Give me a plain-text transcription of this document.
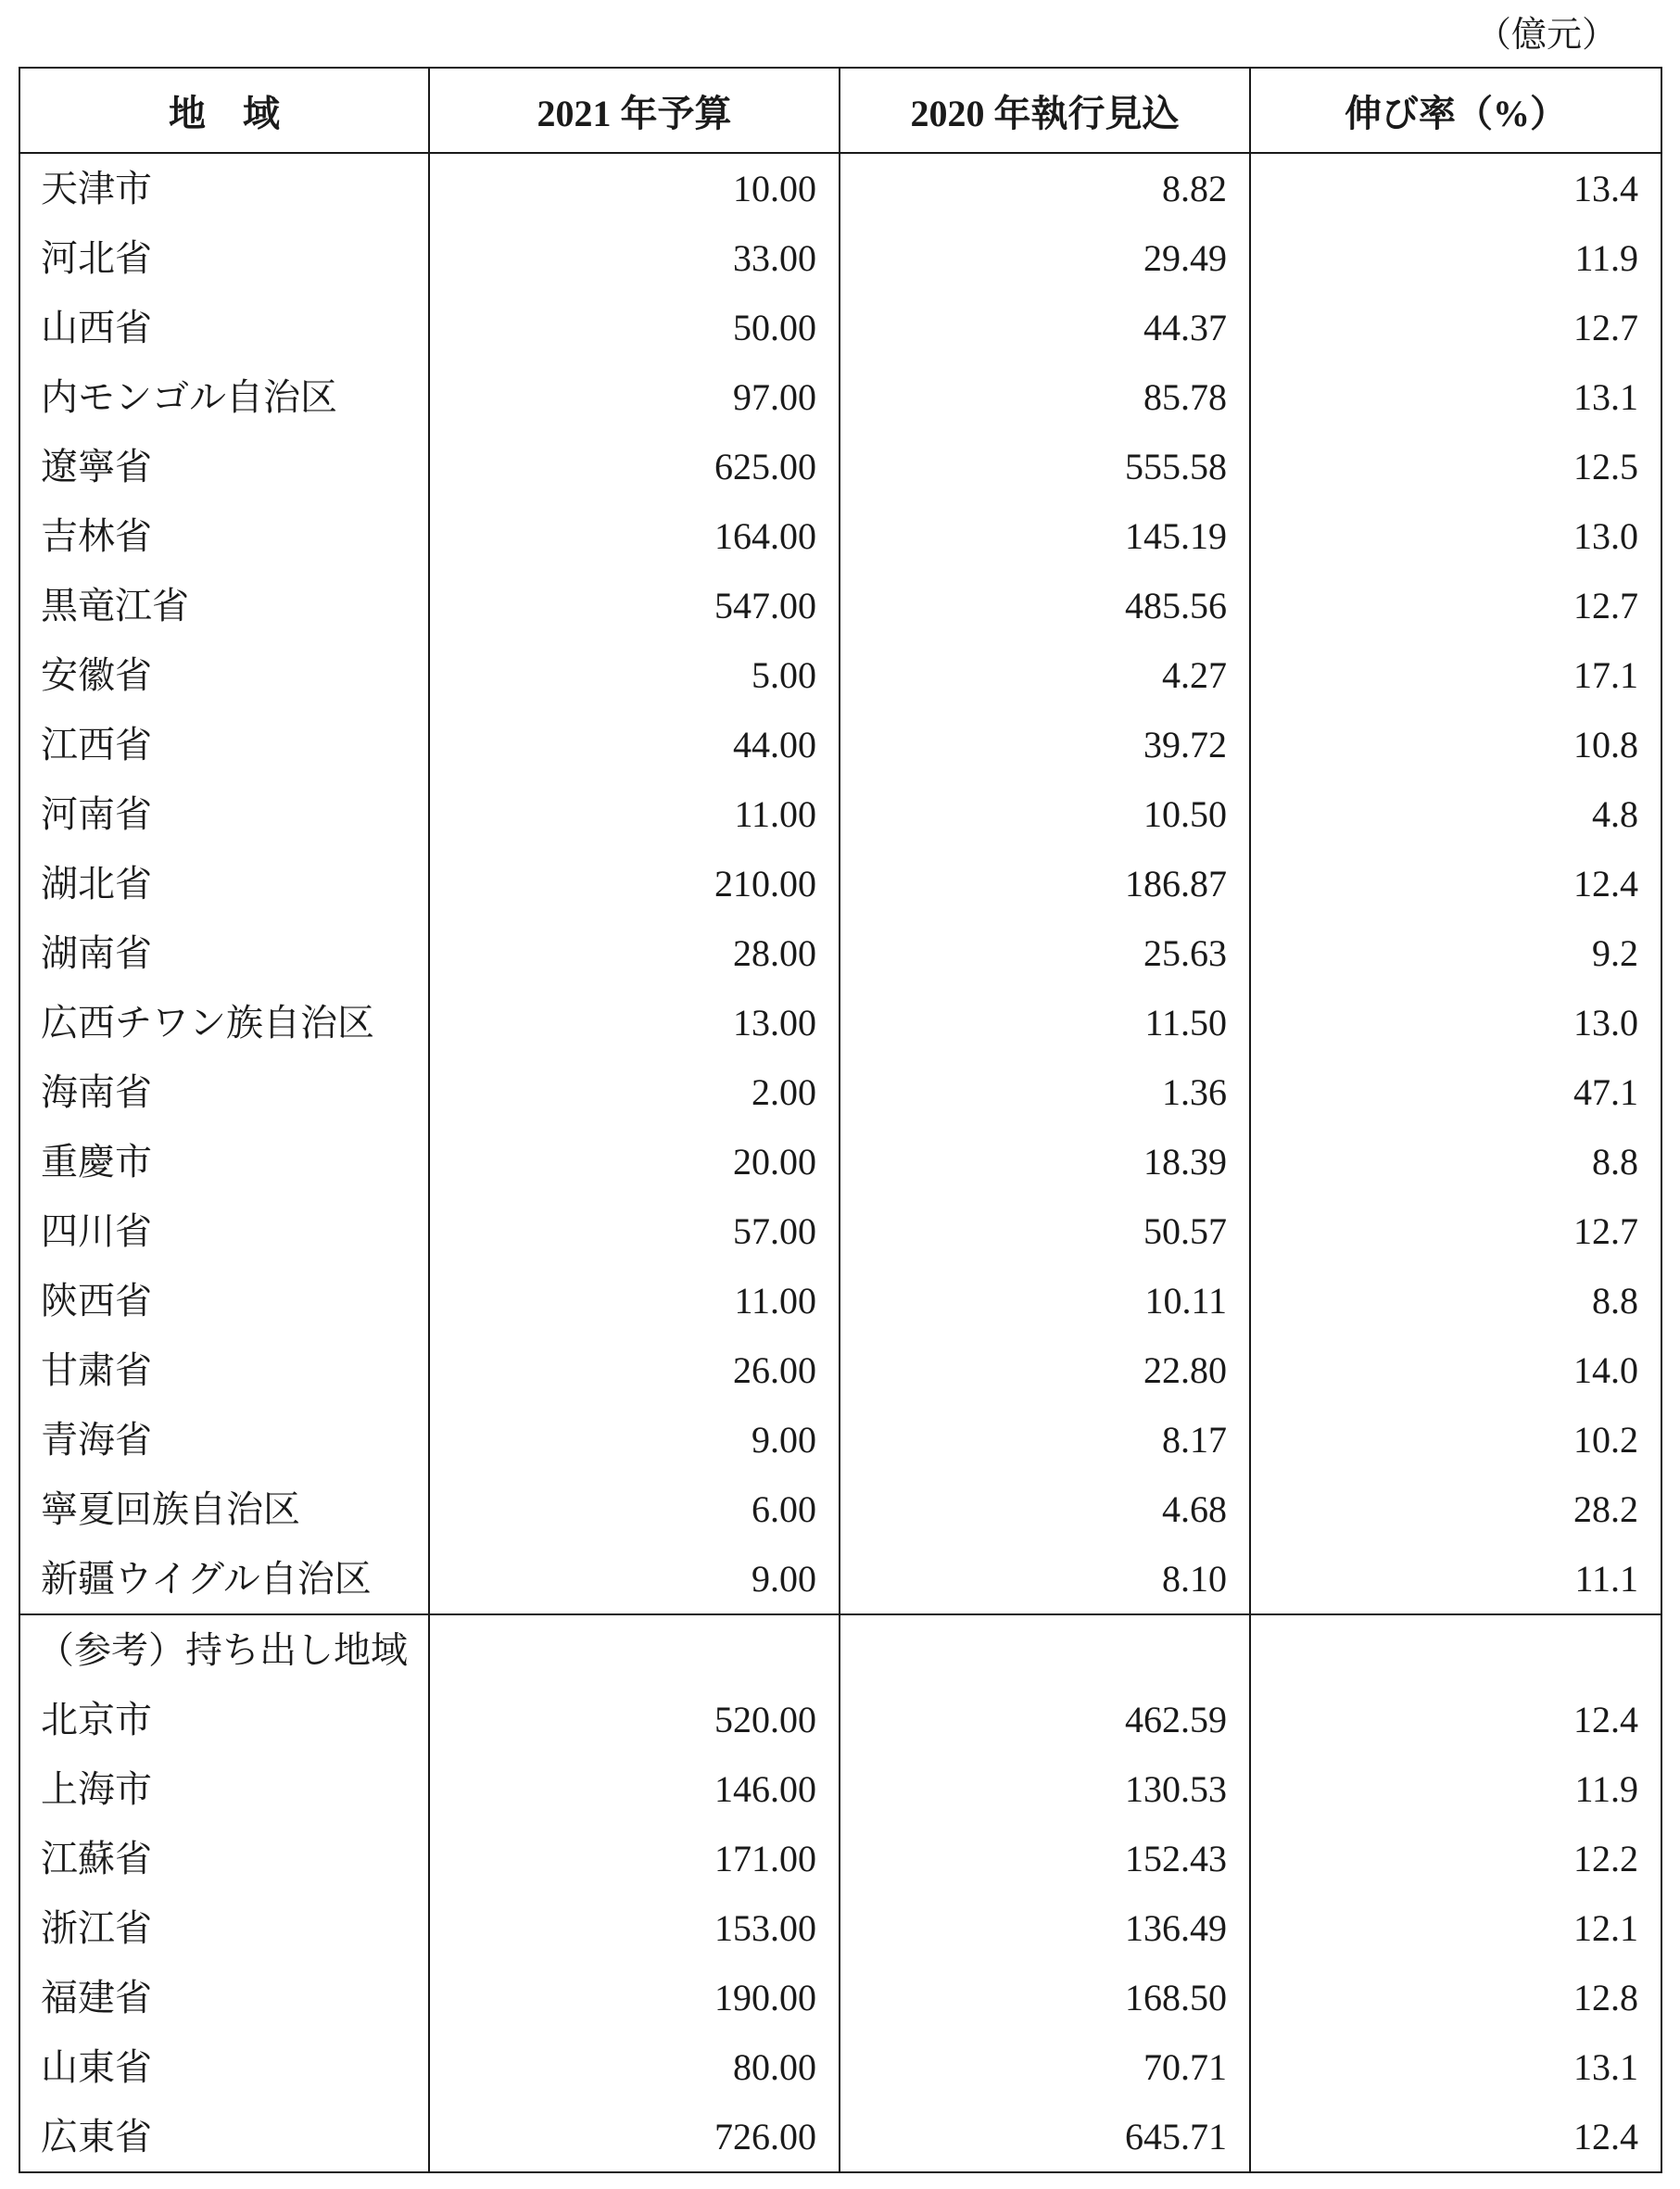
（億元）
地　域	2021 年予算	2020 年執行見込	伸び率（%）
天津市	10.00	8.82	13.4
河北省	33.00	29.49	11.9
山西省	50.00	44.37	12.7
内モンゴル自治区	97.00	85.78	13.1
遼寧省	625.00	555.58	12.5
吉林省	164.00	145.19	13.0
黒竜江省	547.00	485.56	12.7
安徽省	5.00	4.27	17.1
江西省	44.00	39.72	10.8
河南省	11.00	10.50	4.8
湖北省	210.00	186.87	12.4
湖南省	28.00	25.63	9.2
広西チワン族自治区	13.00	11.50	13.0
海南省	2.00	1.36	47.1
重慶市	20.00	18.39	8.8
四川省	57.00	50.57	12.7
陝西省	11.00	10.11	8.8
甘粛省	26.00	22.80	14.0
青海省	9.00	8.17	10.2
寧夏回族自治区	6.00	4.68	28.2
新疆ウイグル自治区	9.00	8.10	11.1
（参考）持ち出し地域			
北京市	520.00	462.59	12.4
上海市	146.00	130.53	11.9
江蘇省	171.00	152.43	12.2
浙江省	153.00	136.49	12.1
福建省	190.00	168.50	12.8
山東省	80.00	70.71	13.1
広東省	726.00	645.71	12.4
